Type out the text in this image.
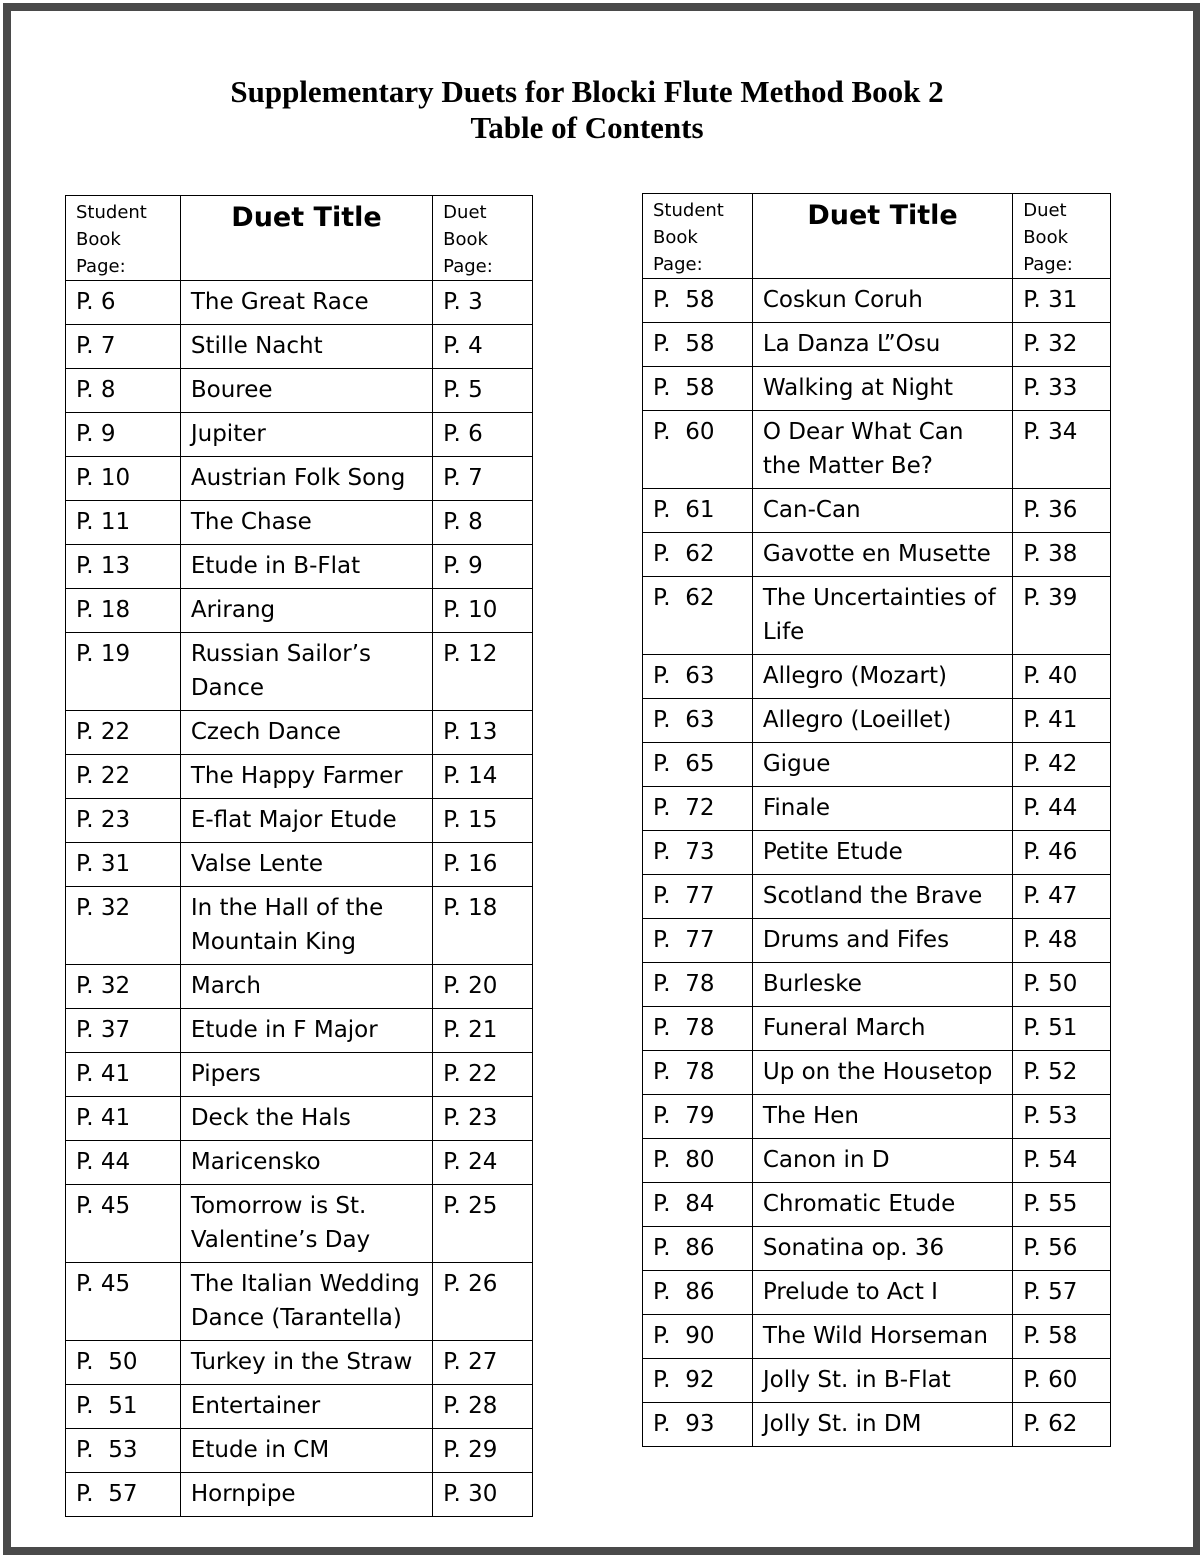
Supplementary Duets for Blocki Flute Method Book 2
Table of Contents
Student Book Page:	Duet Title	Duet Book Page:
P. 6	The Great Race	P. 3
P. 7	Stille Nacht	P. 4
P. 8	Bouree	P. 5
P. 9	Jupiter	P. 6
P. 10	Austrian Folk Song	P. 7
P. 11	The Chase	P. 8
P. 13	Etude in B-Flat	P. 9
P. 18	Arirang	P. 10
P. 19	Russian Sailor’s Dance	P. 12
P. 22	Czech Dance	P. 13
P. 22	The Happy Farmer	P. 14
P. 23	E-flat Major Etude	P. 15
P. 31	Valse Lente	P. 16
P. 32	In the Hall of the Mountain King	P. 18
P. 32	March	P. 20
P. 37	Etude in F Major	P. 21
P. 41	Pipers	P. 22
P. 41	Deck the Hals	P. 23
P. 44	Maricensko	P. 24
P. 45	Tomorrow is St. Valentine’s Day	P. 25
P. 45	The Italian Wedding Dance (Tarantella)	P. 26
P.  50	Turkey in the Straw	P. 27
P.  51	Entertainer	P. 28
P.  53	Etude in CM	P. 29
P.  57	Hornpipe	P. 30
Student Book Page:	Duet Title	Duet Book Page:
P.  58	Coskun Coruh	P. 31
P.  58	La Danza L”Osu	P. 32
P.  58	Walking at Night	P. 33
P.  60	O Dear What Can the Matter Be?	P. 34
P.  61	Can-Can	P. 36
P.  62	Gavotte en Musette	P. 38
P.  62	The Uncertainties of Life	P. 39
P.  63	Allegro (Mozart)	P. 40
P.  63	Allegro (Loeillet)	P. 41
P.  65	Gigue	P. 42
P.  72	Finale	P. 44
P.  73	Petite Etude	P. 46
P.  77	Scotland the Brave	P. 47
P.  77	Drums and Fifes	P. 48
P.  78	Burleske	P. 50
P.  78	Funeral March	P. 51
P.  78	Up on the Housetop	P. 52
P.  79	The Hen	P. 53
P.  80	Canon in D	P. 54
P.  84	Chromatic Etude	P. 55
P.  86	Sonatina op. 36	P. 56
P.  86	Prelude to Act I	P. 57
P.  90	The Wild Horseman	P. 58
P.  92	Jolly St. in B-Flat	P. 60
P.  93	Jolly St. in DM	P. 62
